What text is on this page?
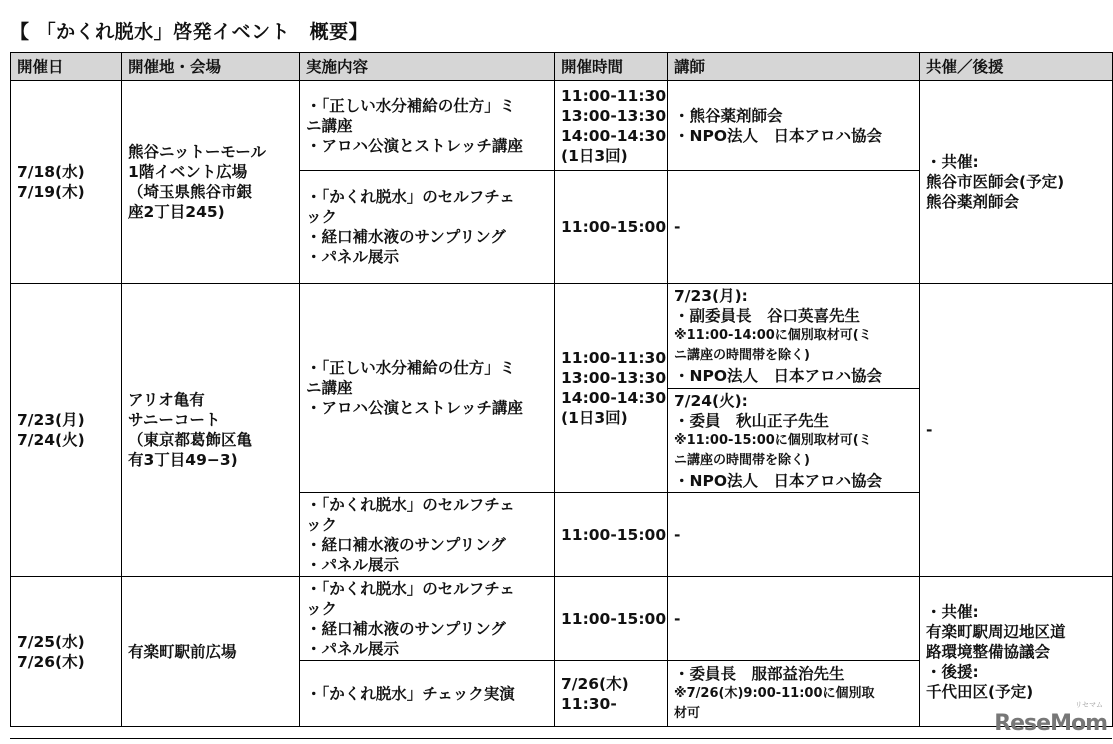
【 「かくれ脱水」啓発イベント　概要】
開催日	開催地・会場	実施内容	開催時間	講師	共催／後援

7/18(水)
7/19(木)	熊谷ニットーモール
1階イベント広場
（埼玉県熊谷市銀
座2丁目245)	・「正しい水分補給の仕方」ミ
ニ講座
・アロハ公演とストレッチ講座	11:00-11:30
13:00-13:30
14:00-14:30
(1日3回)	・熊谷薬剤師会
・NPO法人　日本アロハ協会	・共催:
熊谷市医師会(予定)
熊谷薬剤師会

		・「かくれ脱水」のセルフチェ
ック
・経口補水液のサンプリング
・パネル展示	11:00-15:00	-	

7/23(月)
7/24(火)	アリオ亀有
サニーコート
（東京都葛飾区亀
有3丁目49−3)	・「正しい水分補給の仕方」ミ
ニ講座
・アロハ公演とストレッチ講座	11:00-11:30
13:00-13:30
14:00-14:30
(1日3回)	7/23(月):
・副委員長　谷口英喜先生
※11:00-14:00に個別取材可(ミ
ニ講座の時間帯を除く)
・NPO法人　日本アロハ協会	-

				7/24(火):
・委員　秋山正子先生
※11:00-15:00に個別取材可(ミ
ニ講座の時間帯を除く)
・NPO法人　日本アロハ協会	

		・「かくれ脱水」のセルフチェ
ック
・経口補水液のサンプリング
・パネル展示	11:00-15:00	-	

7/25(水)
7/26(木)	有楽町駅前広場	・「かくれ脱水」のセルフチェ
ック
・経口補水液のサンプリング
・パネル展示	11:00-15:00	-	・共催:
有楽町駅周辺地区道
路環境整備協議会
・後援:
千代田区(予定)

		・「かくれ脱水」チェック実演	7/26(木)
11:30-	・委員長　服部益治先生
※7/26(木)9:00-11:00に個別取
材可	
リセマム
ReseMom
